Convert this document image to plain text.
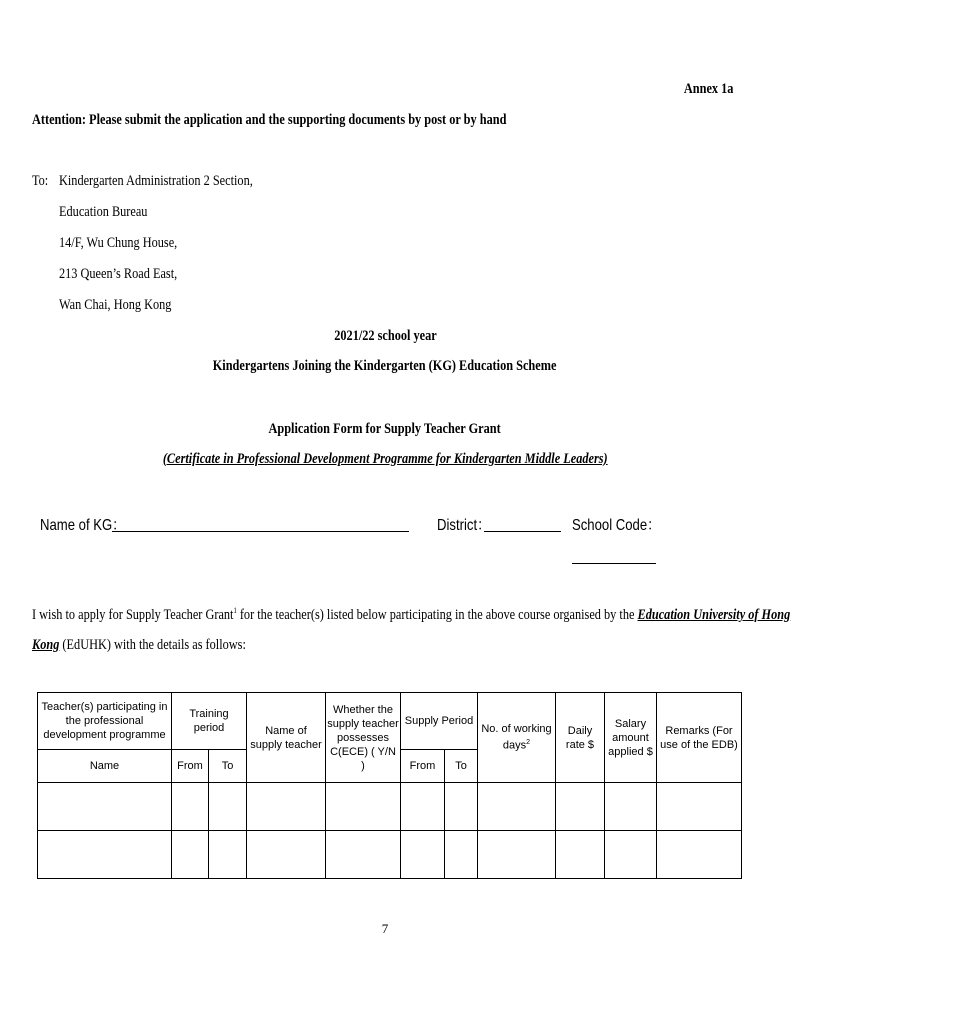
Annex 1a
Attention: Please submit the application and the supporting documents by post or by hand
To: Kindergarten Administration 2 Section,
Education Bureau
14/F, Wu Chung House,
213 Queen’s Road East,
Wan Chai, Hong Kong
2021/22 school year
Kindergartens Joining the Kindergarten (KG) Education Scheme
Application Form for Supply Teacher Grant
(Certificate in Professional Development Programme for Kindergarten Middle Leaders)
Name of KG：	District：	School Code：
I wish to apply for Supply Teacher Grant$^1$ for the teacher(s) listed below participating in the above course organised by the Education University of Hong
Kong (EdUHK) with the details as follows:
Teacher(s) participating in the professional development programme	Training period		Name of supply teacher	Whether the supply teacher possesses C(ECE) ( Y/N )	Supply Period		No. of working days$^2$	Daily rate $	Salary amount applied $	Remarks (For use of the EDB)
Name	From	To			From	To				

7
